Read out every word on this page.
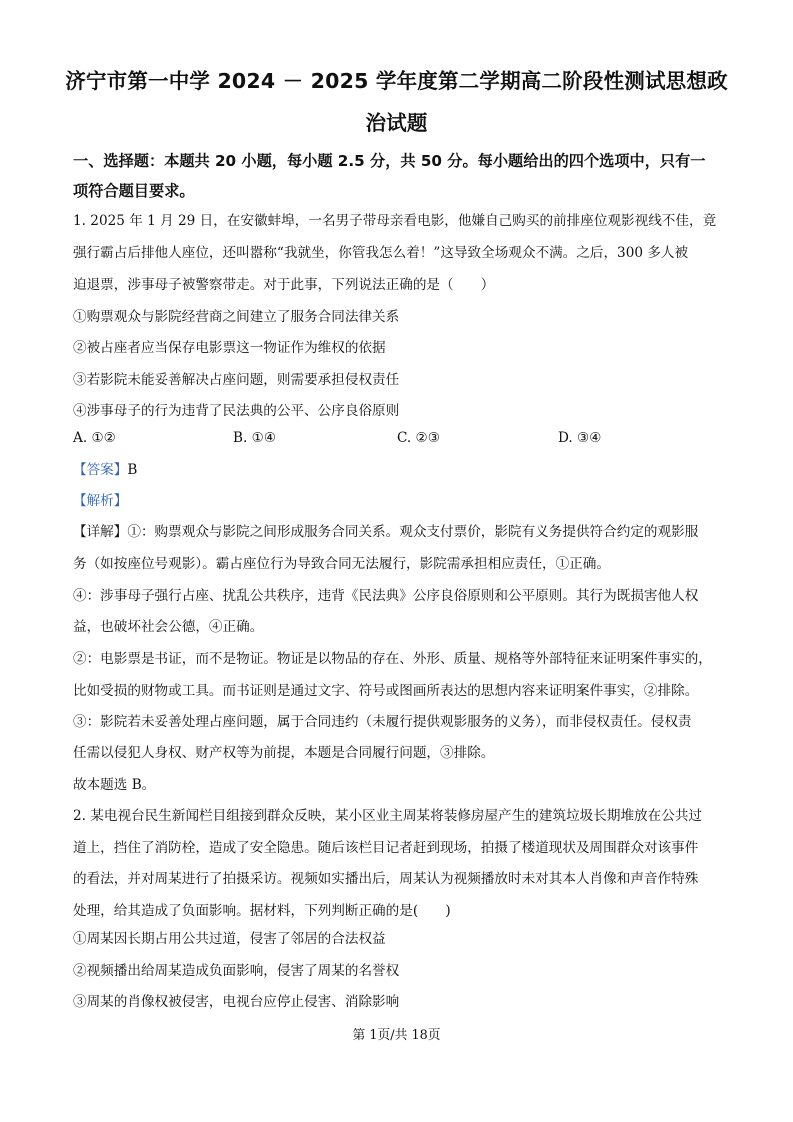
济宁市第一中学 2024 － 2025 学年度第二学期高二阶段性测试思想政
治试题
一、选择题：本题共 20 小题，每小题 2.5 分，共 50 分。每小题给出的四个选项中，只有一
项符合题目要求。
1. 2025 年 1 月 29 日，在安徽蚌埠，一名男子带母亲看电影，他嫌自己购买的前排座位观影视线不佳，竟
强行霸占后排他人座位，还叫嚣称“我就坐，你管我怎么着！”这导致全场观众不满。之后，300 多人被
迫退票，涉事母子被警察带走。对于此事，下列说法正确的是（　　）
①购票观众与影院经营商之间建立了服务合同法律关系
②被占座者应当保存电影票这一物证作为维权的依据
③若影院未能妥善解决占座问题，则需要承担侵权责任
④涉事母子的行为违背了民法典的公平、公序良俗原则
A. ①②	B. ①④	C. ②③	D. ③④
【答案】B
【解析】
【详解】①：购票观众与影院之间形成服务合同关系。观众支付票价，影院有义务提供符合约定的观影服
务（如按座位号观影）。霸占座位行为导致合同无法履行，影院需承担相应责任，①正确。
④：涉事母子强行占座、扰乱公共秩序，违背《民法典》公序良俗原则和公平原则。其行为既损害他人权
益，也破坏社会公德，④正确。
②：电影票是书证，而不是物证。物证是以物品的存在、外形、质量、规格等外部特征来证明案件事实的，
比如受损的财物或工具。而书证则是通过文字、符号或图画所表达的思想内容来证明案件事实，②排除。
③：影院若未妥善处理占座问题，属于合同违约（未履行提供观影服务的义务），而非侵权责任。侵权责
任需以侵犯人身权、财产权等为前提，本题是合同履行问题，③排除。
故本题选 B。
2. 某电视台民生新闻栏目组接到群众反映，某小区业主周某将装修房屋产生的建筑垃圾长期堆放在公共过
道上，挡住了消防栓，造成了安全隐患。随后该栏目记者赶到现场，拍摄了楼道现状及周围群众对该事件
的看法，并对周某进行了拍摄采访。视频如实播出后，周某认为视频播放时未对其本人肖像和声音作特殊
处理，给其造成了负面影响。据材料，下列判断正确的是(　　)
①周某因长期占用公共过道，侵害了邻居的合法权益
②视频播出给周某造成负面影响，侵害了周某的名誉权
③周某的肖像权被侵害，电视台应停止侵害、消除影响
第 1页/共 18页
